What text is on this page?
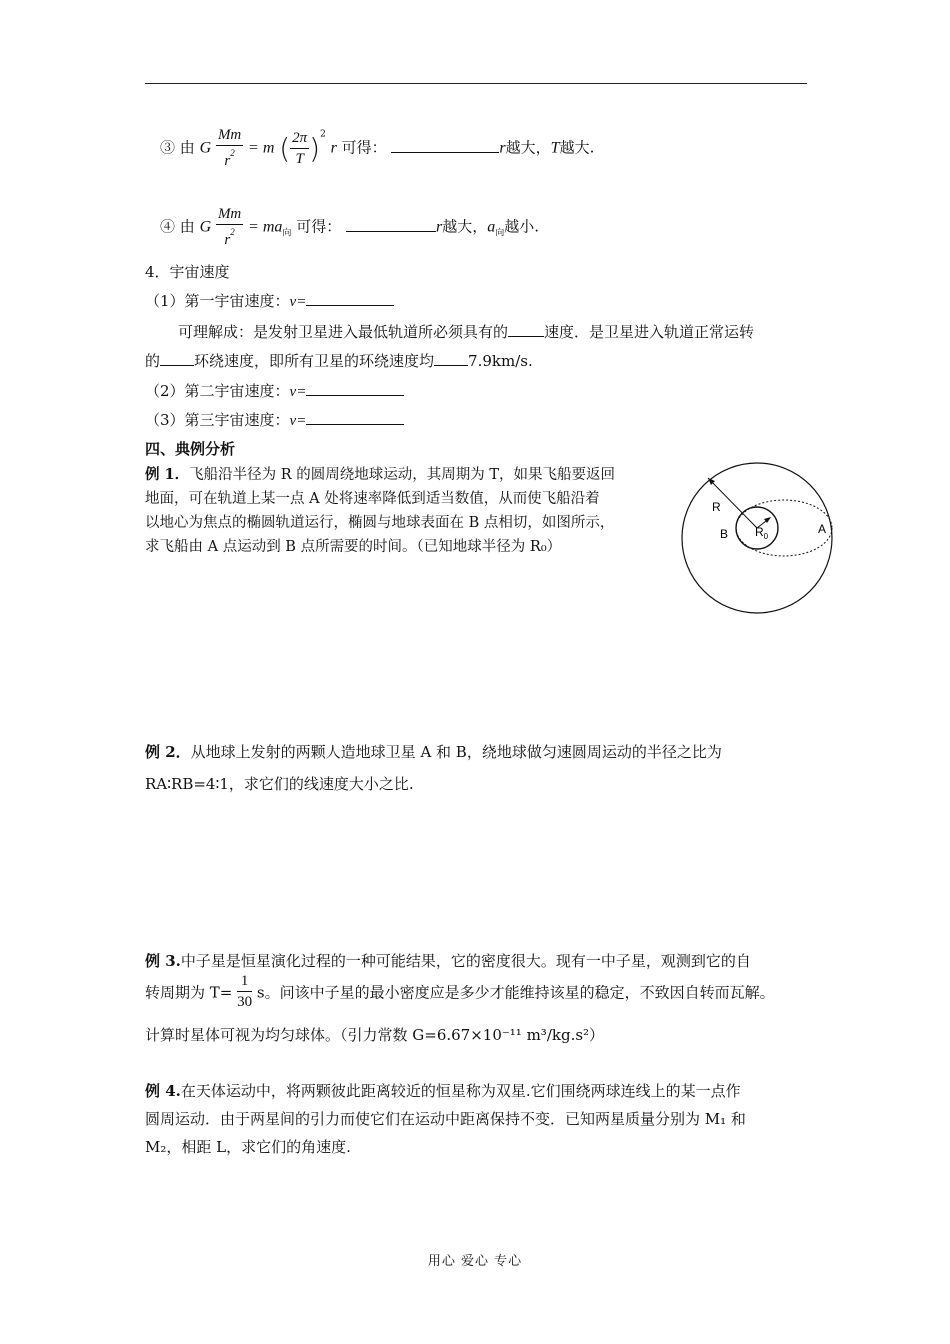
③ 由 G $\frac{Mm}{r^2} = m$ ( $\frac{2\pi}{T} )^2$ r 可得：	r越大，T越大.
④ 由 G $\frac{Mm}{r^2} = ma_向$ 可得：	r越大，$a_向$越小.
4．宇宙速度
（1）第一宇宙速度：v=
可理解成：是发射卫星进入最低轨道所必须具有的 速度．是卫星进入轨道正常运转
的 环绕速度，即所有卫星的环绕速度均 7.9km/s.
（2）第二宇宙速度：v=
（3）第三宇宙速度：v=
四、典例分析
例 1．飞船沿半径为 R 的圆周绕地球运动，其周期为 T，如果飞船要返回
地面，可在轨道上某一点 A 处将速率降低到适当数值，从而使飞船沿着
以地心为焦点的椭圆轨道运行，椭圆与地球表面在 B 点相切，如图所示，
求飞船由 A 点运动到 B 点所需要的时间。（已知地球半径为 R₀）
R
B $R_0$
A
例 2．从地球上发射的两颗人造地球卫星 A 和 B，绕地球做匀速圆周运动的半径之比为
RA∶RB=4∶1，求它们的线速度大小之比.
例 3.中子星是恒星演化过程的一种可能结果，它的密度很大。现有一中子星，观测到它的自
转周期为 $T= \frac{1}{30}$ s。问该中子星的最小密度应是多少才能维持该星的稳定，不致因自转而瓦解。
计算时星体可视为均匀球体。（引力常数 G=6.67×10⁻¹¹ m³/kg.s²）
例 4.在天体运动中，将两颗彼此距离较近的恒星称为双星.它们围绕两球连线上的某一点作
圆周运动．由于两星间的引力而使它们在运动中距离保持不变．已知两星质量分别为 M₁ 和
M₂，相距 L，求它们的角速度.
用心 爱心 专心
